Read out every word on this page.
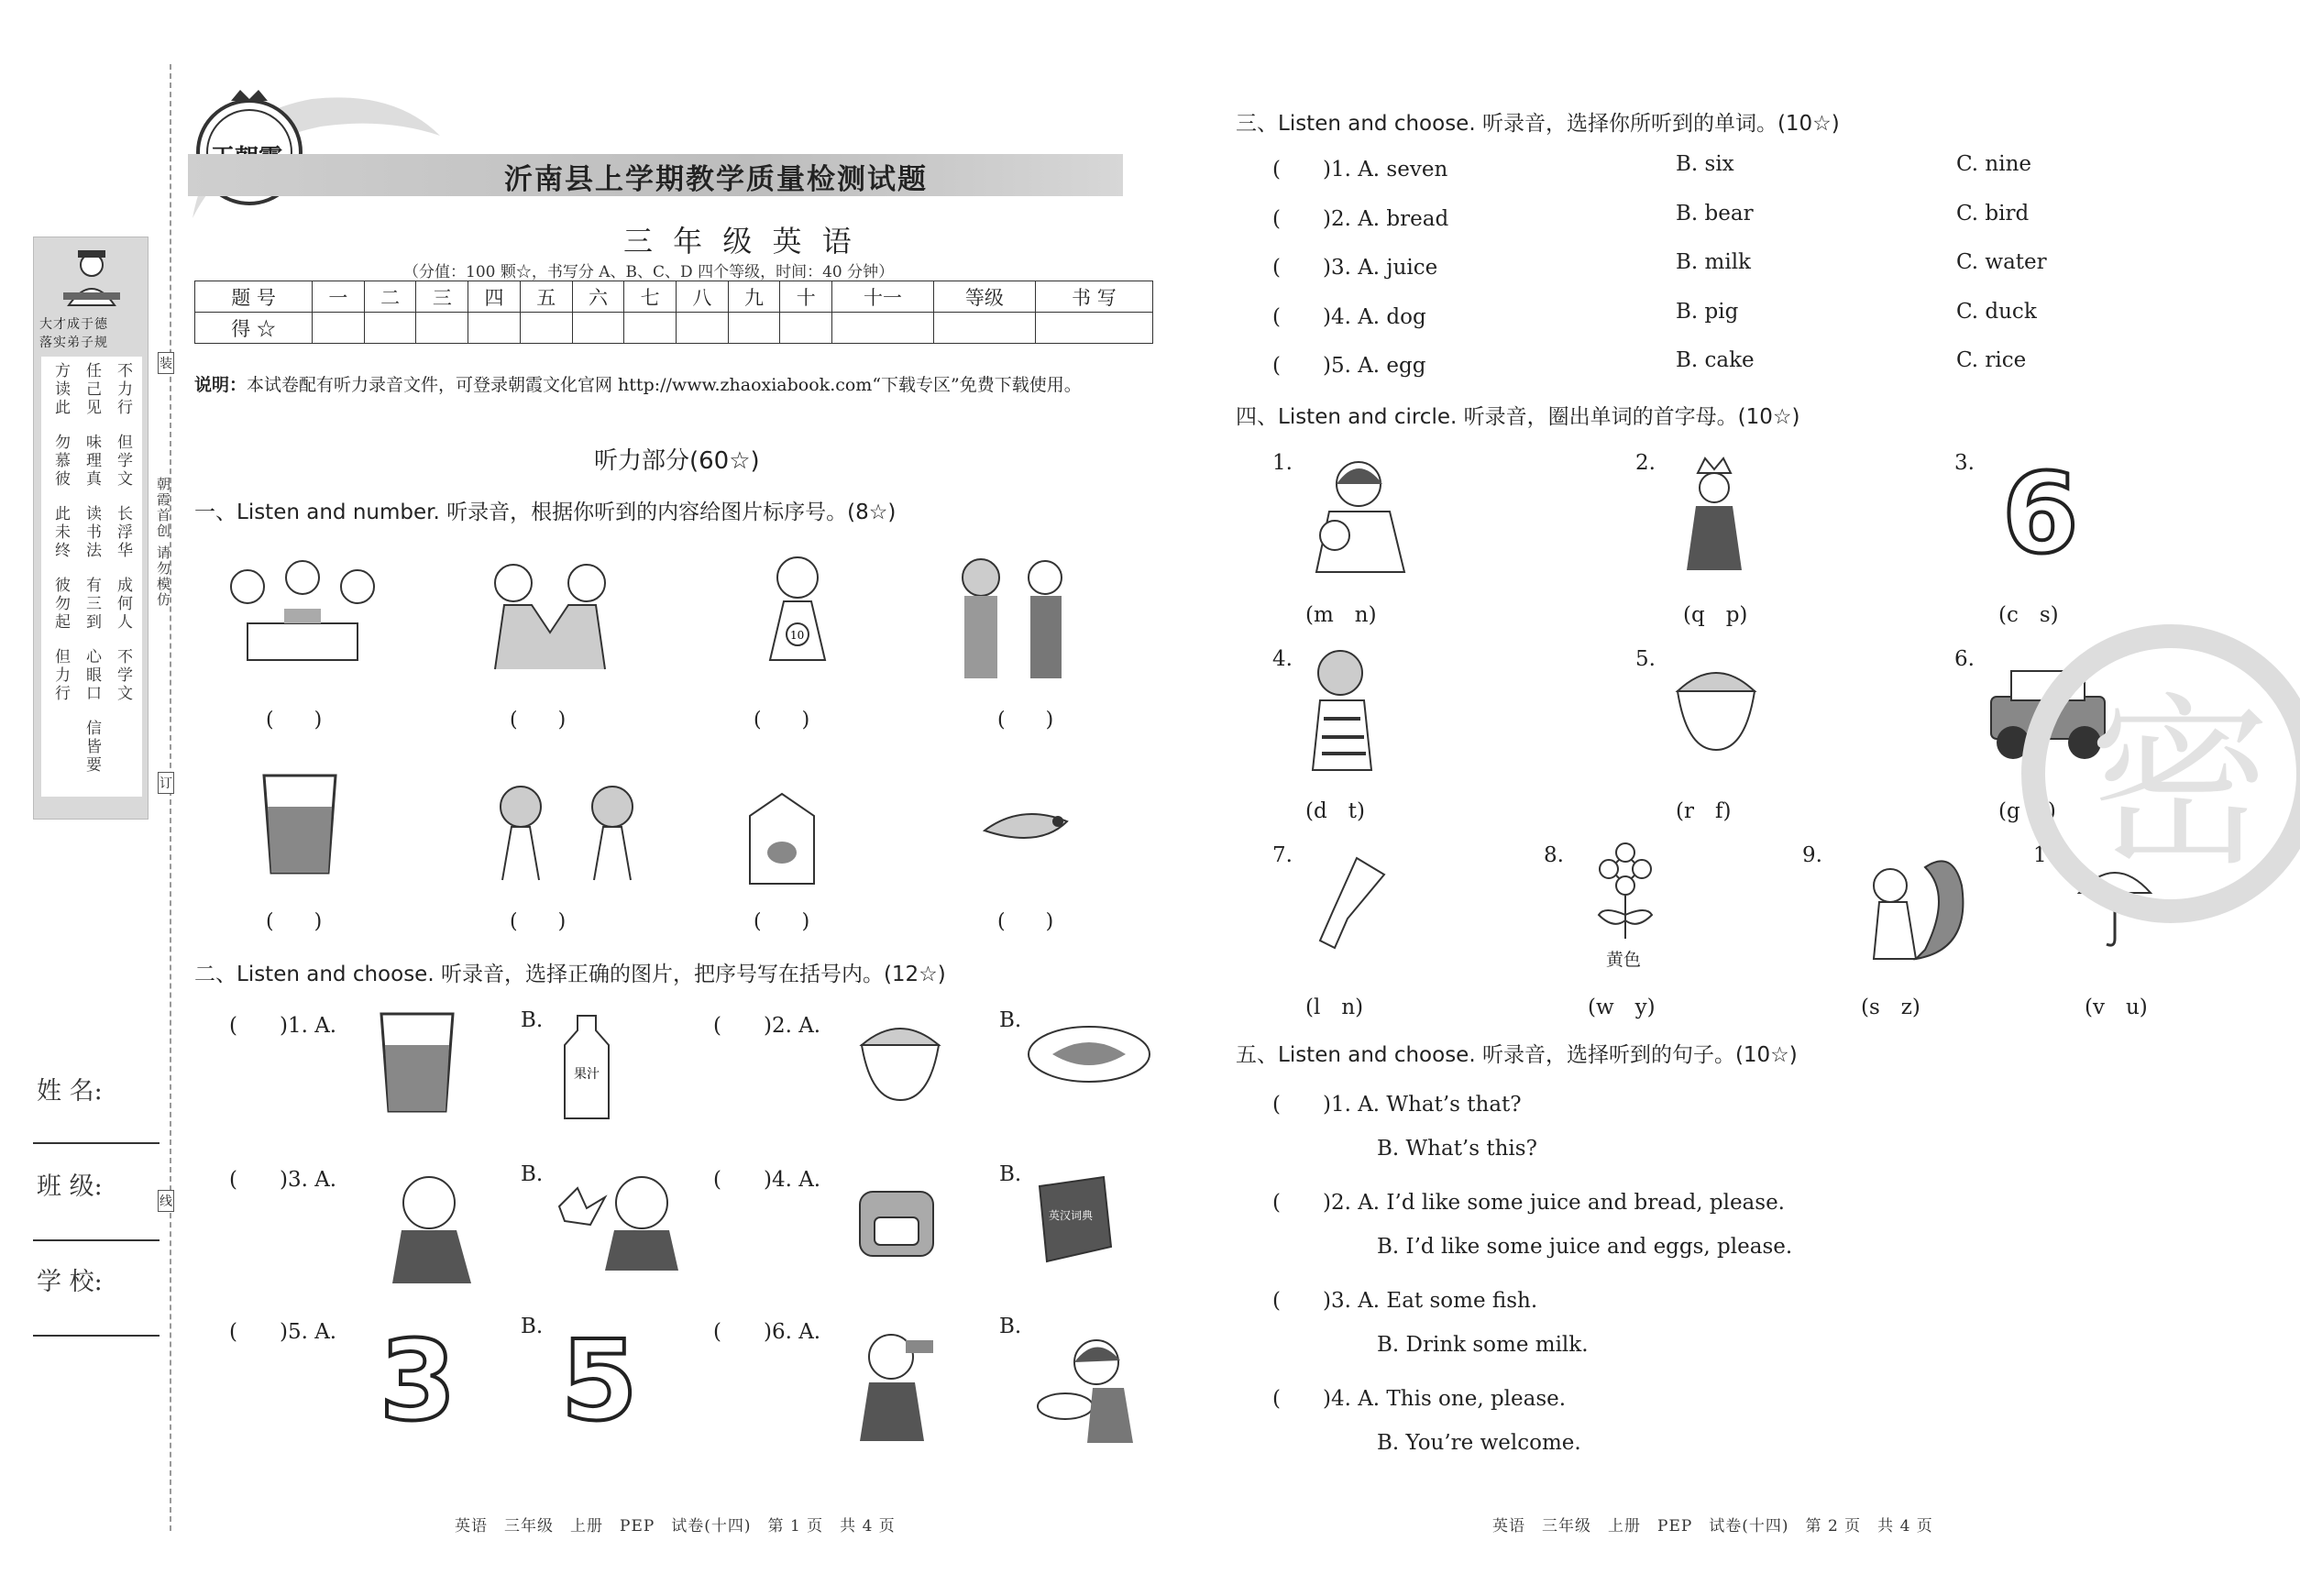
大才成于德
落实弟子规
不力行
但学文
长浮华
成何人
不学文
任己见
味理真
读书法
有三到
心眼口
信皆要
方读此
勿慕彼
此未终
彼勿起
但力行
朝霞首创 请勿模仿
装
订
线
姓 名:
班 级:
学 校:
沂南县上学期教学质量检测试题
三 年 级 英 语
（分值：100 颗☆，书写分 A、B、C、D 四个等级，时间：40 分钟）
题 号	一	二	三	四	五	六	七	八	九	十	十一	等级	书 写
得 ☆													
说明：本试卷配有听力录音文件，可登录朝霞文化官网 http://www.zhaoxiabook.com“下载专区”免费下载使用。
听力部分(60☆)
一、Listen and number. 听录音，根据你听到的内容给图片标序号。(8☆)
10
(　　)	(　　)	(　　)	(　　)
(　　)	(　　)	(　　)	(　　)
二、Listen and choose. 听录音，选择正确的图片，把序号写在括号内。(12☆)
(　　)1. A.	B.
果汁
(　　)2. A.	B.
(　　)3. A.	B.	(　　)4. A.	B.
英汉词典
(　　)5. A. 3	B. 5	(　　)6. A.	B.
三、Listen and choose. 听录音，选择你所听到的单词。(10☆)
(　　)1. A. seven	B. six	C. nine
(　　)2. A. bread	B. bear	C. bird
(　　)3. A. juice	B. milk	C. water
(　　)4. A. dog	B. pig	C. duck
(　　)5. A. egg	B. cake	C. rice
四、Listen and circle. 听录音，圈出单词的首字母。(10☆)
1.
(m　n)
2.
(q　p)
3. 6
(c　s)
4.
(d　t)
5.
(r　f)
6.
(g　j)
7.
(l　n)
8.
黄色
(w　y)
9.
(s　z)
10.
(v　u)
密
五、Listen and choose. 听录音，选择听到的句子。(10☆)
(　　)1. A. What’s that?
B. What’s this?
(　　)2. A. I’d like some juice and bread, please.
B. I’d like some juice and eggs, please.
(　　)3. A. Eat some fish.
B. Drink some milk.
(　　)4. A. This one, please.
B. You’re welcome.
英语　三年级　上册　PEP　试卷(十四)　第 1 页　共 4 页	英语　三年级　上册　PEP　试卷(十四)　第 2 页　共 4 页
